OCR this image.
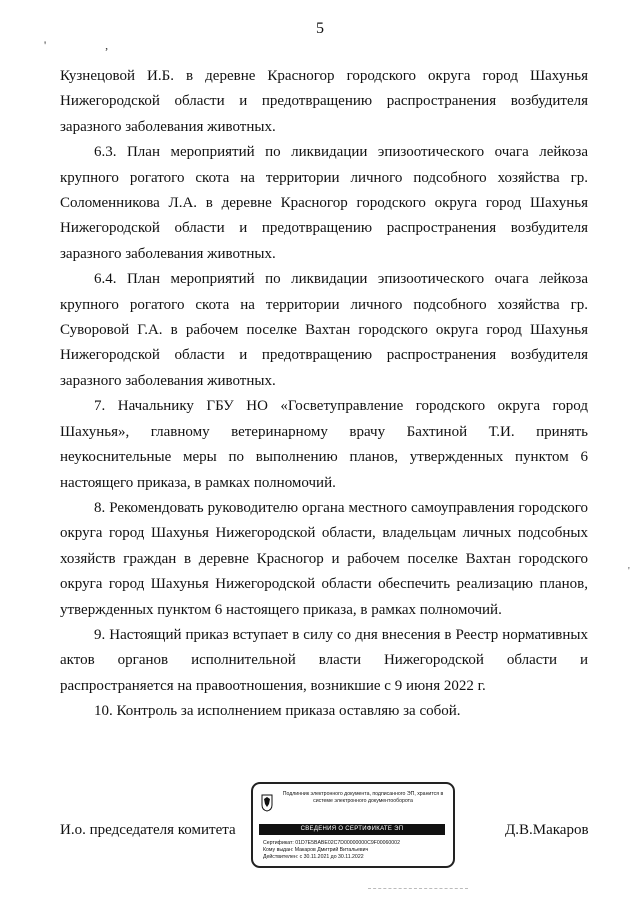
5
' ,

Кузнецовой И.Б. в деревне Красногор городского округа город Шахунья Нижегородской области и предотвращению распространения возбудителя заразного заболевания животных.

6.3. План мероприятий по ликвидации эпизоотического очага лейкоза крупного рогатого скота на территории личного подсобного хозяйства гр. Соломенникова Л.А. в деревне Красногор городского округа город Шахунья Нижегородской области и предотвращению распространения возбудителя заразного заболевания животных.

6.4. План мероприятий по ликвидации эпизоотического очага лейкоза крупного рогатого скота на территории личного подсобного хозяйства гр. Суворовой Г.А. в рабочем поселке Вахтан городского округа город Шахунья Нижегородской области и предотвращению распространения возбудителя заразного заболевания животных.

7. Начальнику ГБУ НО «Госветуправление городского округа город Шахунья», главному ветеринарному врачу Бахтиной Т.И. принять неукоснительные меры по выполнению планов, утвержденных пунктом 6 настоящего приказа, в рамках полномочий.

8. Рекомендовать руководителю органа местного самоуправления городского округа город Шахунья Нижегородской области, владельцам личных подсобных хозяйств граждан в деревне Красногор и рабочем поселке Вахтан городского округа город Шахунья Нижегородской области обеспечить реализацию планов, утвержденных пунктом 6 настоящего приказа, в рамках полномочий.

9. Настоящий приказ вступает в силу со дня внесения в Реестр нормативных актов органов исполнительной власти Нижегородской области и распространяется на правоотношения, возникшие с 9 июня 2022 г.

10. Контроль за исполнением приказа оставляю за собой.

И.о. председателя комитета	Д.В.Макаров
Подлинник электронного документа, подписанного ЭП, хранится в системе электронного документооборота
СВЕДЕНИЯ О СЕРТИФИКАТЕ ЭП
Сертификат: 01D7E5BABE02C7D00000000C9F00060002
Кому выдан: Макаров Дмитрий Витальевич
Действителен: с 30.11.2021 до 30.11.2022
'
